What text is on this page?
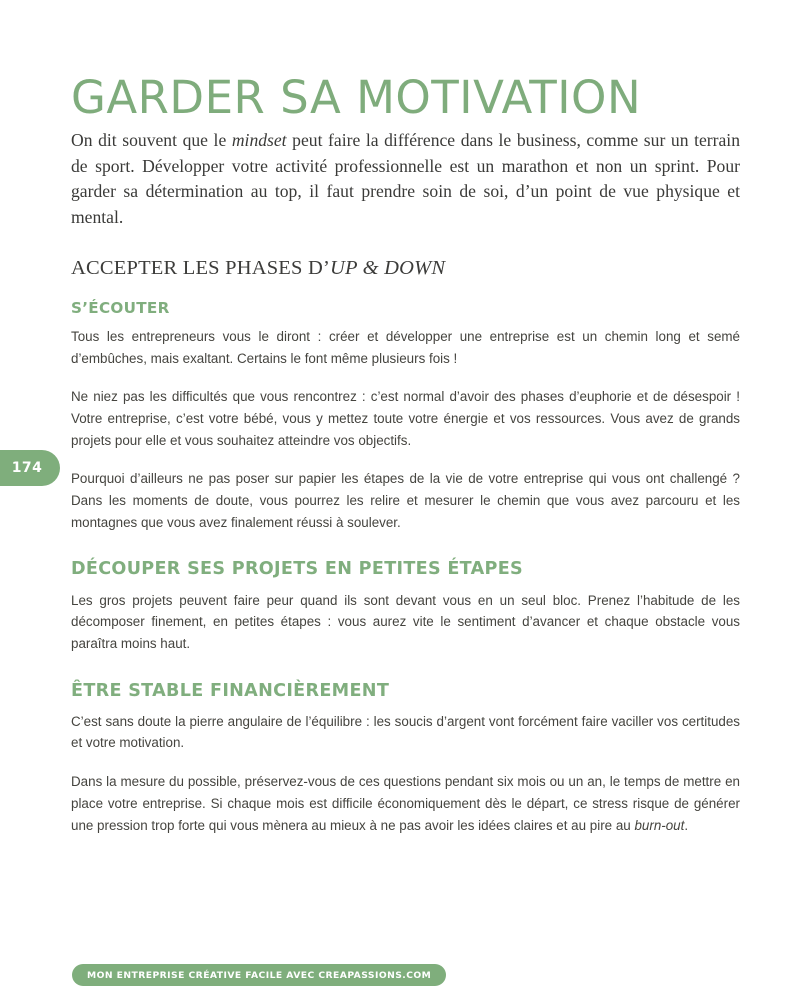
GARDER SA MOTIVATION

On dit souvent que le mindset peut faire la différence dans le business, comme sur un terrain de sport. Développer votre activité professionnelle est un marathon et non un sprint. Pour garder sa détermination au top, il faut prendre soin de soi, d’un point de vue physique et mental.

ACCEPTER LES PHASES D’UP & DOWN
S’ÉCOUTER

Tous les entrepreneurs vous le diront : créer et développer une entreprise est un chemin long et semé d’embûches, mais exaltant. Certains le font même plusieurs fois !

Ne niez pas les difficultés que vous rencontrez : c’est normal d’avoir des phases d’euphorie et de désespoir ! Votre entreprise, c’est votre bébé, vous y mettez toute votre énergie et vos ressources. Vous avez de grands projets pour elle et vous souhaitez atteindre vos objectifs.

Pourquoi d’ailleurs ne pas poser sur papier les étapes de la vie de votre entreprise qui vous ont challengé ? Dans les moments de doute, vous pourrez les relire et mesurer le chemin que vous avez parcouru et les montagnes que vous avez finalement réussi à soulever.

DÉCOUPER SES PROJETS EN PETITES ÉTAPES

Les gros projets peuvent faire peur quand ils sont devant vous en un seul bloc. Prenez l’habitude de les décomposer finement, en petites étapes : vous aurez vite le sentiment d’avancer et chaque obstacle vous paraîtra moins haut.

ÊTRE STABLE FINANCIÈREMENT

C’est sans doute la pierre angulaire de l’équilibre : les soucis d’argent vont forcément faire vaciller vos certitudes et votre motivation.

Dans la mesure du possible, préservez-vous de ces questions pendant six mois ou un an, le temps de mettre en place votre entreprise. Si chaque mois est difficile économiquement dès le départ, ce stress risque de générer une pression trop forte qui vous mènera au mieux à ne pas avoir les idées claires et au pire au burn-out.

174
MON ENTREPRISE CRÉATIVE FACILE AVEC CREAPASSIONS.COM
